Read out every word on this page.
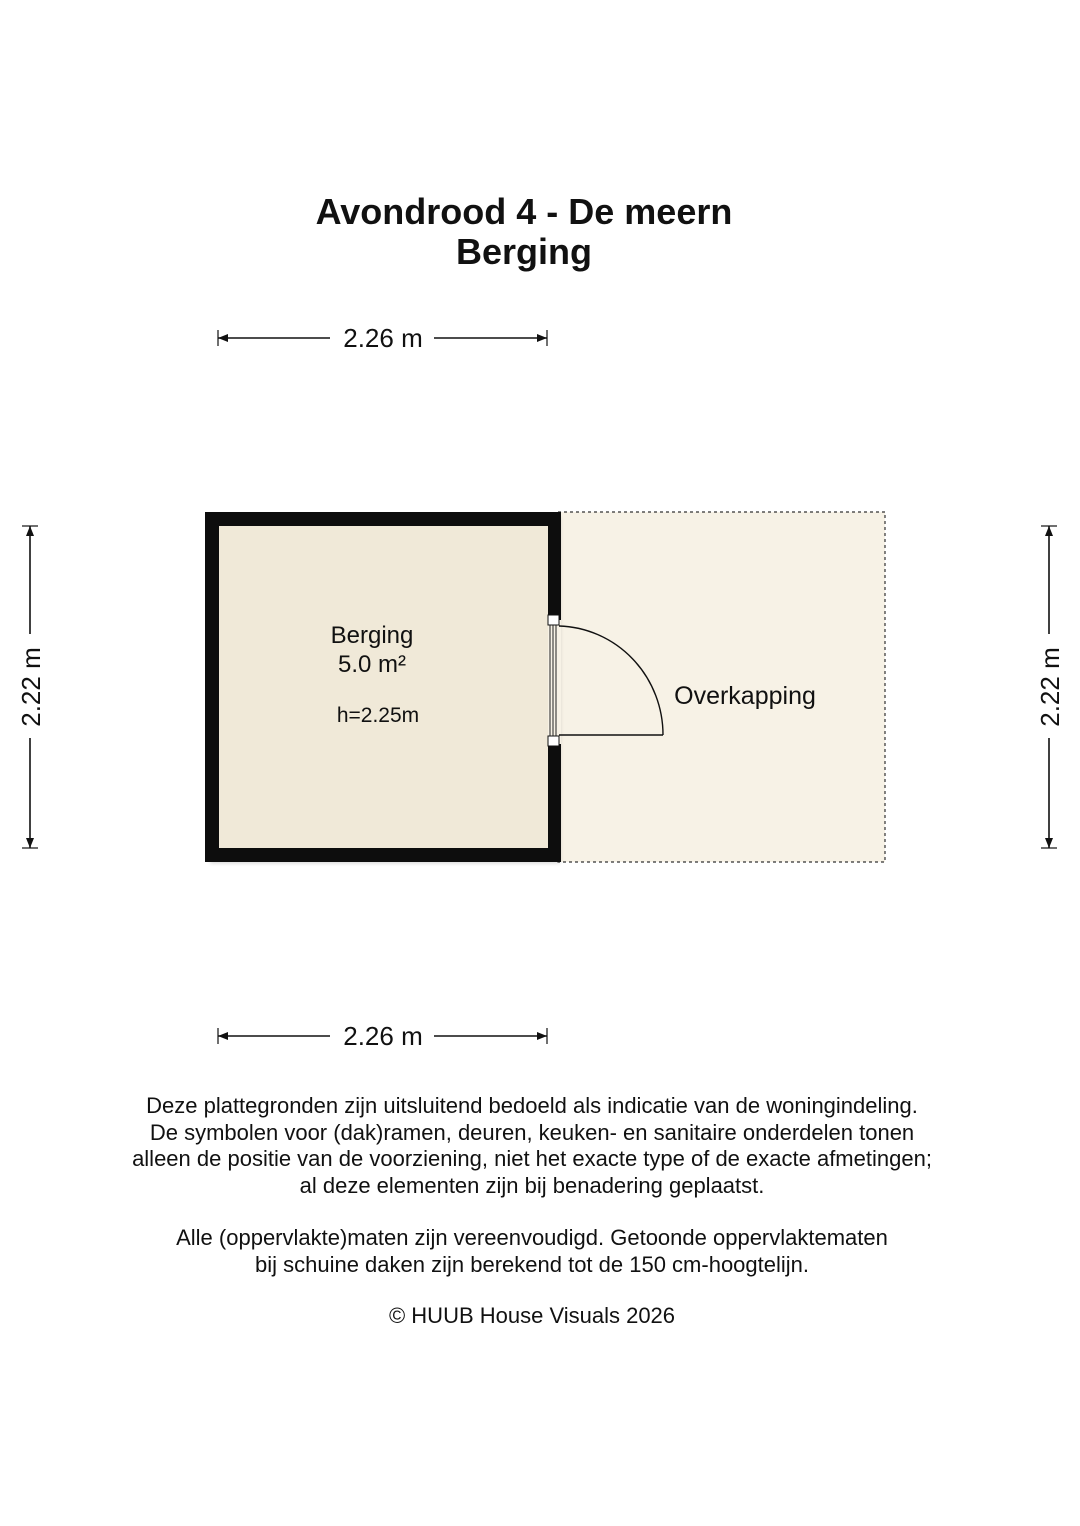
Avondrood 4 - De meern
Berging
2.26 m
2.26 m
2.22 m	2.22 m
Overkapping
Berging
5.0 m²
h=2.25m
Deze plattegronden zijn uitsluitend bedoeld als indicatie van de woningindeling.
De symbolen voor (dak)ramen, deuren, keuken- en sanitaire onderdelen tonen
alleen de positie van de voorziening, niet het exacte type of de exacte afmetingen;
al deze elementen zijn bij benadering geplaatst.
Alle (oppervlakte)maten zijn vereenvoudigd. Getoonde oppervlaktematen
bij schuine daken zijn berekend tot de 150 cm-hoogtelijn.
© HUUB House Visuals 2026
